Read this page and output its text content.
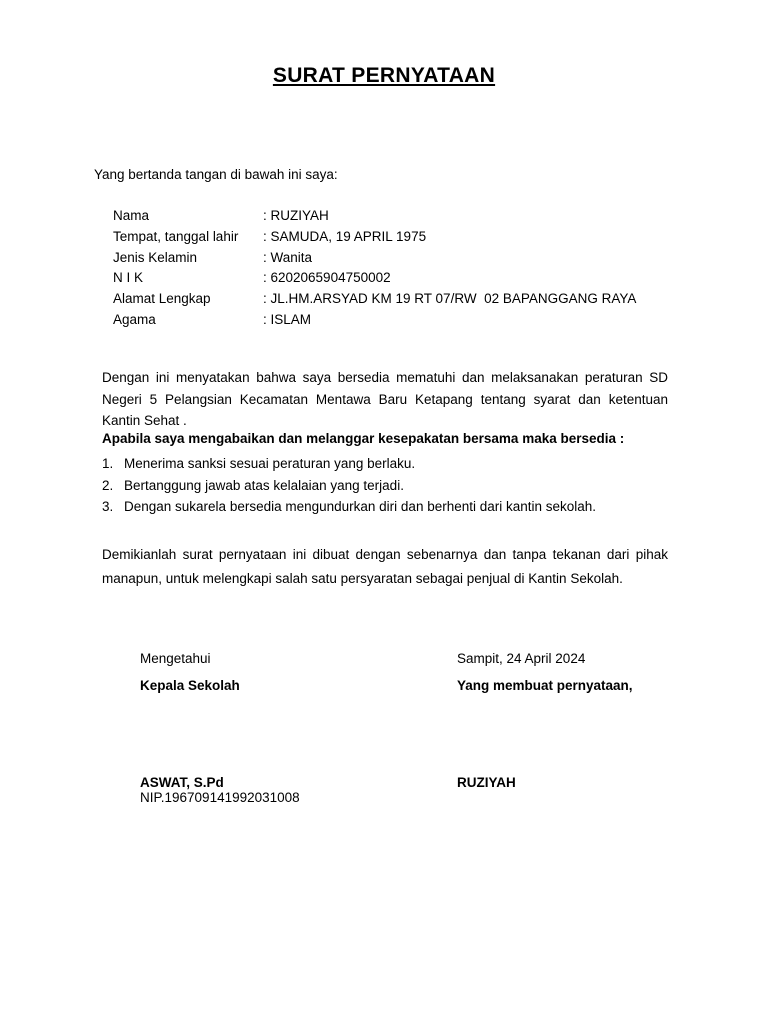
SURAT PERNYATAAN
Yang bertanda tangan di bawah ini saya:
Nama	: RUZIYAH
Tempat, tanggal lahir : SAMUDA, 19 APRIL 1975
Jenis Kelamin	: Wanita
N I K	: 6202065904750002
Alamat Lengkap	: JL.HM.ARSYAD KM 19 RT 07/RW  02 BAPANGGANG RAYA
Agama	: ISLAM
Dengan ini menyatakan bahwa saya bersedia mematuhi dan melaksanakan peraturan SD Negeri 5 Pelangsian Kecamatan Mentawa Baru Ketapang tentang syarat dan ketentuan Kantin Sehat .
Apabila saya mengabaikan dan melanggar kesepakatan bersama maka bersedia :
1. Menerima sanksi sesuai peraturan yang berlaku.
2. Bertanggung jawab atas kelalaian yang terjadi.
3. Dengan sukarela bersedia mengundurkan diri dan berhenti dari kantin sekolah.
Demikianlah surat pernyataan ini dibuat dengan sebenarnya dan tanpa tekanan dari pihak manapun, untuk melengkapi salah satu persyaratan sebagai penjual di Kantin Sekolah.
Mengetahui
Kepala Sekolah
ASWAT, S.Pd
NIP.196709141992031008
Sampit, 24 April 2024
Yang membuat pernyataan,
RUZIYAH
